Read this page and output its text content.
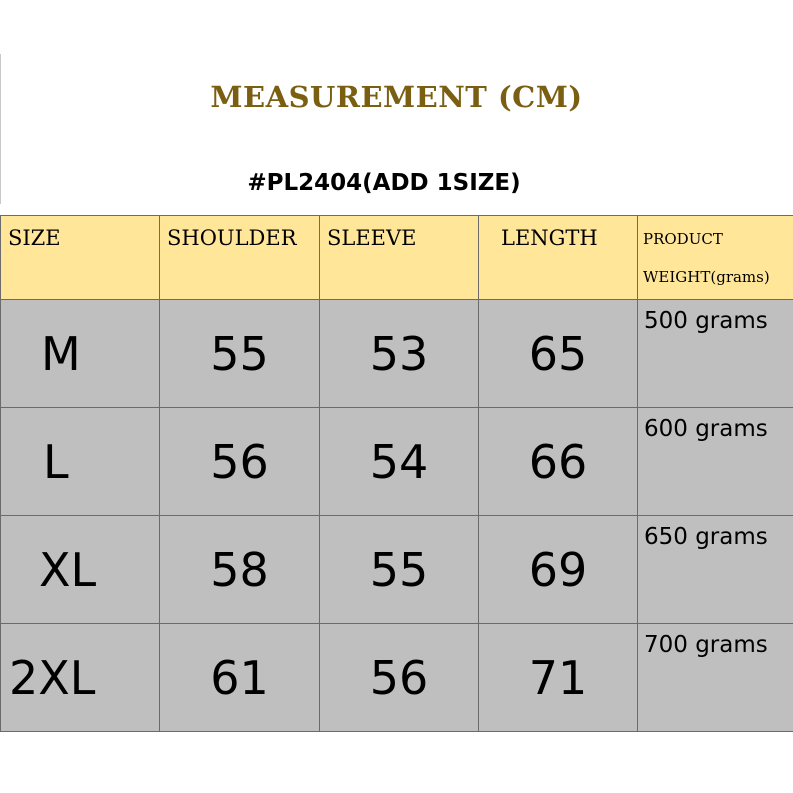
MEASUREMENT (CM)
#PL2404(ADD 1SIZE)
SIZE	SHOULDER	SLEEVE	LENGTH	PRODUCT
WEIGHT(grams)

M	55	53	65	500 grams
L	56	54	66	600 grams
XL	58	55	69	650 grams
2XL	61	56	71	700 grams
